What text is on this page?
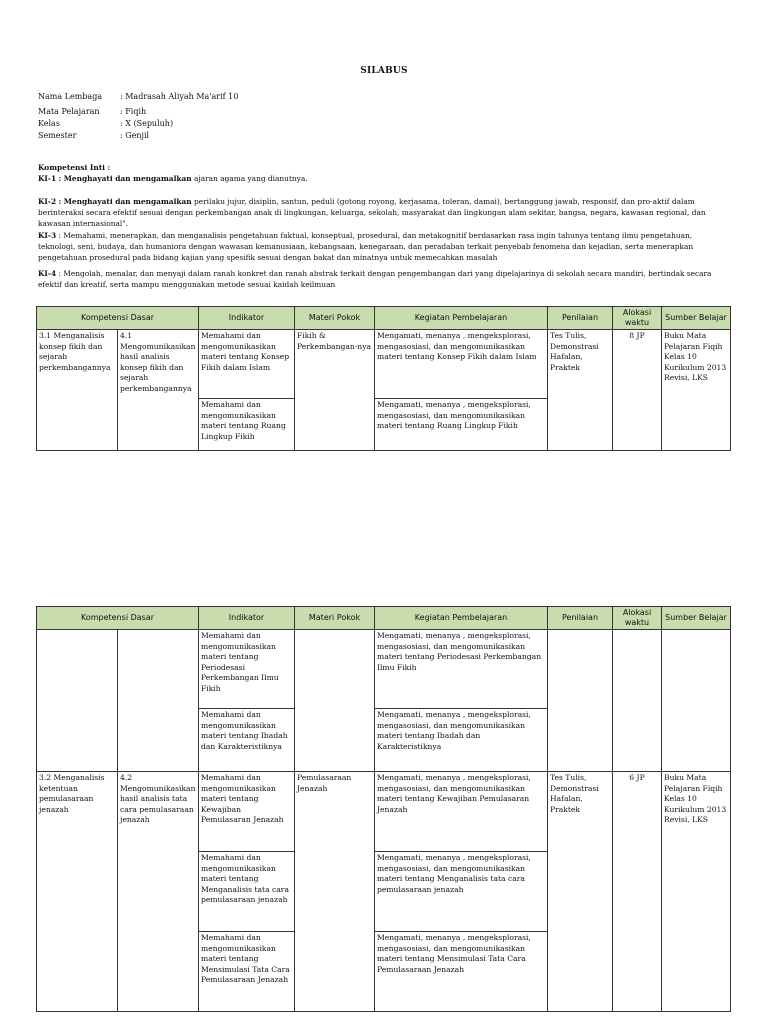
SILABUS
Nama Lembaga	: Madrasah Aliyah Ma'arif 10
Mata Pelajaran	: Fiqih
Kelas	: X (Sepuluh)
Semester	: Genjil
Kompetensi Inti :
KI-1 : Menghayati dan mengamalkan ajaran agama yang dianutnya.
KI-2 : Menghayati dan mengamalkan perilaku jujur, disiplin, santun, peduli (gotong royong, kerjasama, toleran, damai), bertanggung jawab, responsif, dan pro-aktif dalam berinteraksi secara efektif sesuai dengan perkembangan anak di lingkungan, keluarga, sekolah, masyarakat dan lingkungan alam sekitar, bangsa, negara, kawasan regional, dan kawasan internasional".
KI-3 : Memahami, menerapkan, dan menganalisis pengetahuan faktual, konseptual, prosedural, dan metakognitif berdasarkan rasa ingin tahunya tentang ilmu pengetahuan, teknologi, seni, budaya, dan humaniora dengan wawasan kemanusiaan, kebangsaan, kenegaraan, dan peradaban terkait penyebab fenomena dan kejadian, serta menerapkan pengetahuan prosedural pada bidang kajian yang spesifik sesuai dengan bakat dan minatnya untuk memecahkan masalah
KI-4 : Mengolah, menalar, dan menyaji dalam ranah konkret dan ranah abstrak terkait dengan pengembangan dari yang dipelajarinya di sekolah secara mandiri, bertindak secara efektif dan kreatif, serta mampu menggunakan metode sesuai kaidah keilmuan
Kompetensi Dasar		Indikator	Materi Pokok	Kegiatan Pembelajaran	Penilaian	Alokasi waktu	Sumber Belajar
3.1 Menganalisis konsep fikih dan sejarah perkembangannya	4.1 Mengomunikasikan hasil analisis konsep fikih dan sejarah perkembangannya	Memahami dan mengomunikasikan materi tentang Konsep Fikih dalam Islam	Fikih & Perkembangan-nya	Mengamati, menanya , mengeksplorasi, mengasosiasi, dan mengomunikasikan materi tentang Konsep Fikih dalam Islam	Tes Tulis, Demonstrasi Hafalan, Praktek	8 JP	Buku Mata Pelajaran Fiqih Kelas 10 Kurikulum 2013 Revisi, LKS
		Memahami dan mengomunikasikan materi tentang Ruang Lingkup Fikih		Mengamati, menanya , mengeksplorasi, mengasosiasi, dan mengomunikasikan materi tentang Ruang Lingkup Fikih			
Kompetensi Dasar		Indikator	Materi Pokok	Kegiatan Pembelajaran	Penilaian	Alokasi waktu	Sumber Belajar
		Memahami dan mengomunikasikan materi tentang Periodesasi Perkembangan Ilmu Fikih		Mengamati, menanya , mengeksplorasi, mengasosiasi, dan mengomunikasikan materi tentang Periodesasi Perkembangan Ilmu Fikih			
		Memahami dan mengomunikasikan materi tentang Ibadah dan Karakteristiknya		Mengamati, menanya , mengeksplorasi, mengasosiasi, dan mengomunikasikan materi tentang Ibadah dan Karakteristiknya			
3.2 Menganalisis ketentuan pemulasaraan jenazah	4.2 Mengomunikasikan hasil analisis tata cara pemulasaraan jenazah	Memahami dan mengomunikasikan materi tentang Kewajiban Pemulasaran Jenazah	Pemulasaraan Jenazah	Mengamati, menanya , mengeksplorasi, mengasosiasi, dan mengomunikasikan materi tentang Kewajiban Pemulasaran Jenazah	Tes Tulis, Demonstrasi Hafalan, Praktek	6 JP	Buku Mata Pelajaran Fiqih Kelas 10 Kurikulum 2013 Revisi, LKS
		Memahami dan mengomunikasikan materi tentang Menganalisis tata cara pemulasaraan jenazah		Mengamati, menanya , mengeksplorasi, mengasosiasi, dan mengomunikasikan materi tentang Menganalisis tata cara pemulasaraan jenazah			
		Memahami dan mengomunikasikan materi tentang Mensimulasi Tata Cara Pemulasaraan Jenazah		Mengamati, menanya , mengeksplorasi, mengasosiasi, dan mengomunikasikan materi tentang Mensimulasi Tata Cara Pemulasaraan Jenazah			
